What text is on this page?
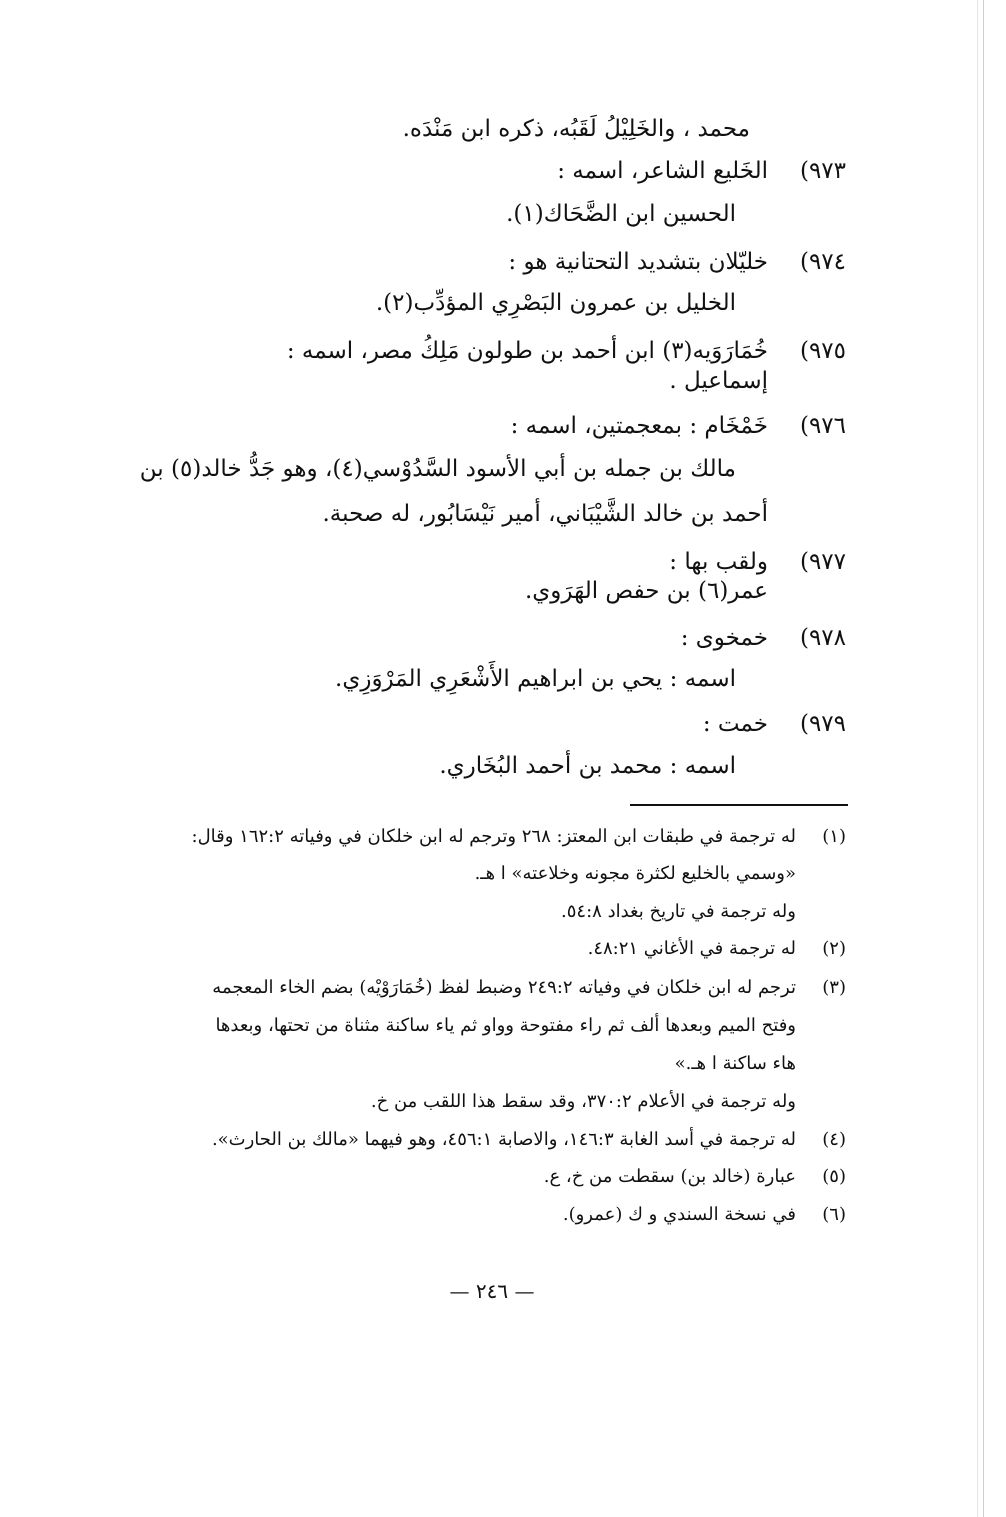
محمد ، والخَلِيْلُ لَقَبُه، ذكره ابن مَنْدَه.
٩٧٣)
الخَليع الشاعر، اسمه :
الحسين ابن الضَّحَاك(١).
٩٧٤)
خليّلان بتشديد التحتانية هو :
الخليل بن عمرون البَصْرِي المؤدِّب(٢).
٩٧٥)
خُمَارَوَيه(٣) ابن أحمد بن طولون مَلِكُ مصر، اسمه :
إسماعيل .
٩٧٦)
خَمْخَام : بمعجمتين، اسمه :
مالك بن جمله بن أبي الأسود السَّدُوْسي(٤)، وهو جَدُّ خالد(٥) بن
أحمد بن خالد الشَّيْبَاني، أمير نَيْسَابُور، له صحبة.
٩٧٧)
ولقب بها :
عمر(٦) بن حفص الهَرَوي.
٩٧٨)
خمخوى :
اسمه : يحي بن ابراهيم الأَشْعَرِي المَرْوَزِي.
٩٧٩)
خمت :
اسمه : محمد بن أحمد البُخَاري.
(١)
له ترجمة في طبقات ابن المعتز: ٢٦٨ وترجم له ابن خلكان في وفياته ١٦٢:٢ وقال:
«وسمي بالخليع لكثرة مجونه وخلاعته» ا هـ.
وله ترجمة في تاريخ بغداد ٥٤:٨.
(٢)
له ترجمة في الأغاني ٤٨:٢١.
(٣)
ترجم له ابن خلكان في وفياته ٢٤٩:٢ وضبط لفظ (خُمَارَوْيْه) بضم الخاء المعجمه
وفتح الميم وبعدها ألف ثم راء مفتوحة وواو ثم ياء ساكنة مثناة من تحتها، وبعدها
هاء ساكنة ا هـ.»
وله ترجمة في الأعلام ٣٧٠:٢، وقد سقط هذا اللقب من خ.
(٤)
له ترجمة في أسد الغابة ١٤٦:٣، والاصابة ٤٥٦:١، وهو فيهما «مالك بن الحارث».
(٥)
عبارة (خالد بن) سقطت من خ، ع.
(٦)
في نسخة السندي و ك (عمرو).
— ٢٤٦ —
